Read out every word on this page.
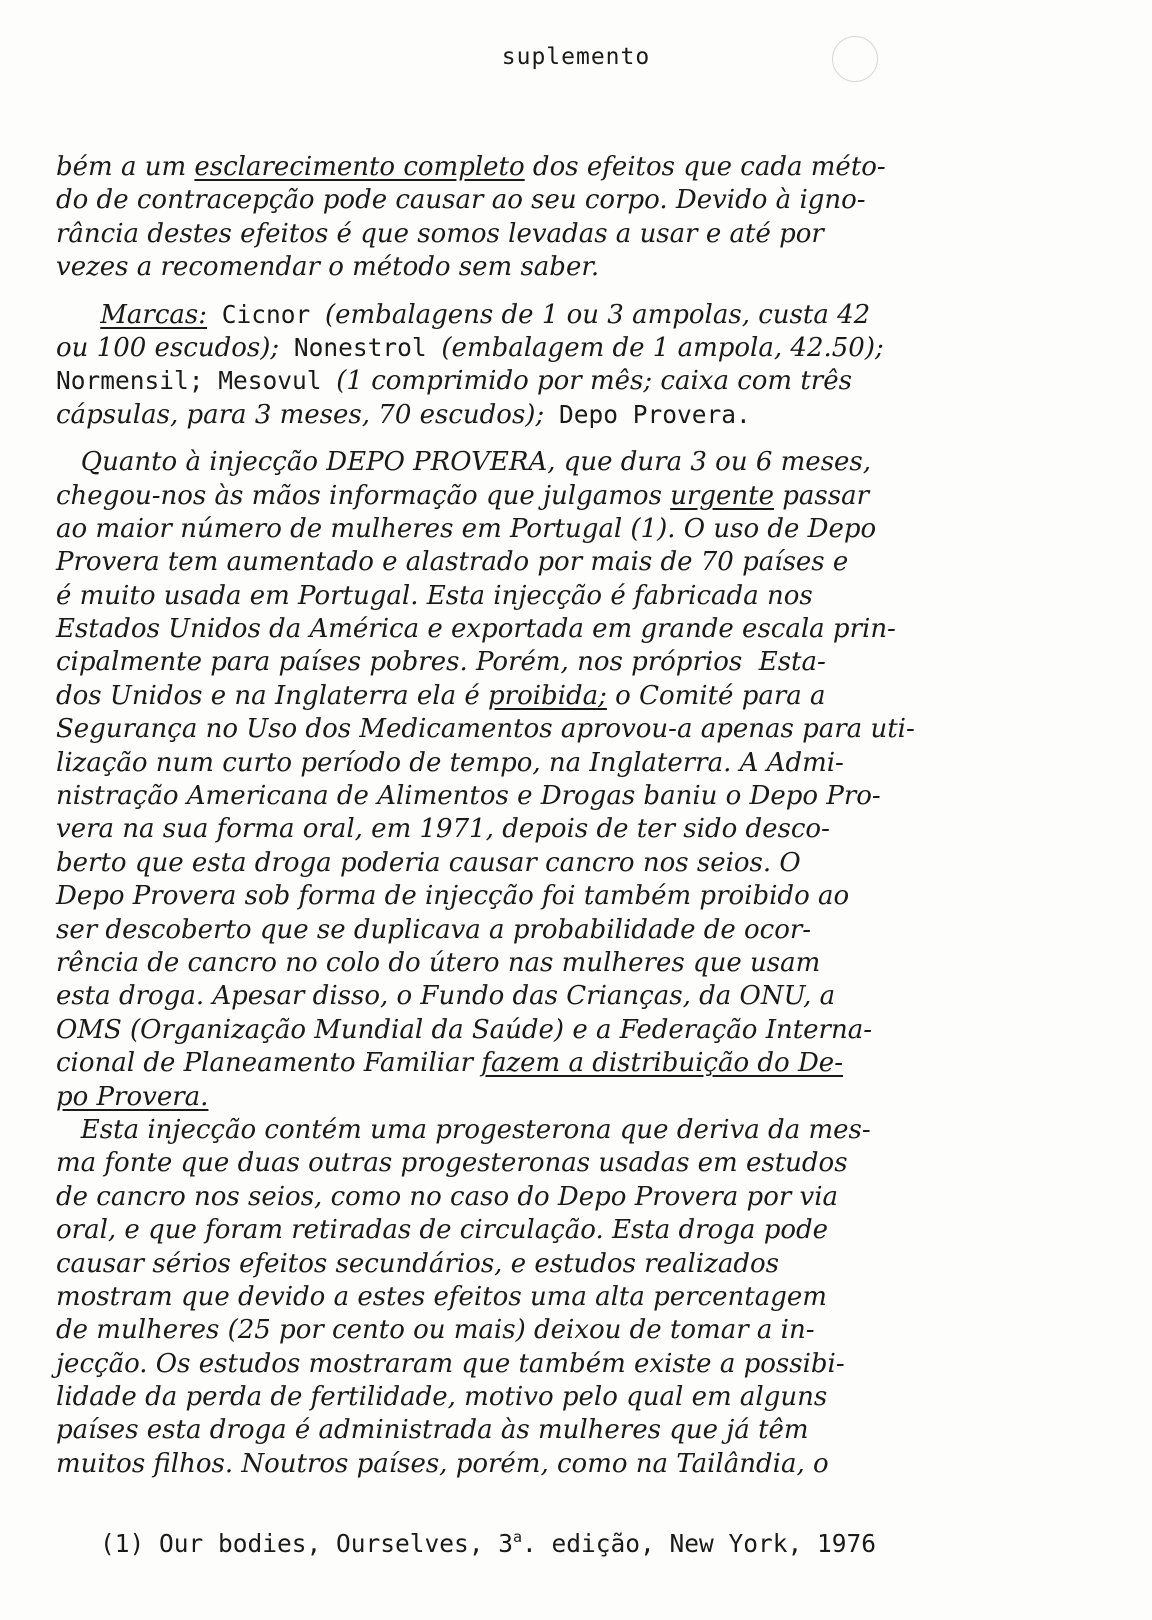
suplemento
bém a um esclarecimento completo dos efeitos que cada méto-
do de contracepção pode causar ao seu corpo. Devido à igno-
rância destes efeitos é que somos levadas a usar e até por
vezes a recomendar o método sem saber.
Marcas: Cicnor (embalagens de 1 ou 3 ampolas, custa 42
ou 100 escudos); Nonestrol (embalagem de 1 ampola, 42.50);
Normensil; Mesovul (1 comprimido por mês; caixa com três
cápsulas, para 3 meses, 70 escudos); Depo Provera.
Quanto à injecção DEPO PROVERA, que dura 3 ou 6 meses,
chegou-nos às mãos informação que julgamos urgente passar
ao maior número de mulheres em Portugal (1). O uso de Depo
Provera tem aumentado e alastrado por mais de 70 países e
é muito usada em Portugal. Esta injecção é fabricada nos
Estados Unidos da América e exportada em grande escala prin-
cipalmente para países pobres. Porém, nos próprios  Esta-
dos Unidos e na Inglaterra ela é proibida; o Comité para a
Segurança no Uso dos Medicamentos aprovou-a apenas para uti-
lização num curto período de tempo, na Inglaterra. A Admi-
nistração Americana de Alimentos e Drogas baniu o Depo Pro-
vera na sua forma oral, em 1971, depois de ter sido desco-
berto que esta droga poderia causar cancro nos seios. O
Depo Provera sob forma de injecção foi também proibido ao
ser descoberto que se duplicava a probabilidade de ocor-
rência de cancro no colo do útero nas mulheres que usam
esta droga. Apesar disso, o Fundo das Crianças, da ONU, a
OMS (Organização Mundial da Saúde) e a Federação Interna-
cional de Planeamento Familiar fazem a distribuição do De-
po Provera.
Esta injecção contém uma progesterona que deriva da mes-
ma fonte que duas outras progesteronas usadas em estudos
de cancro nos seios, como no caso do Depo Provera por via
oral, e que foram retiradas de circulação. Esta droga pode
causar sérios efeitos secundários, e estudos realizados
mostram que devido a estes efeitos uma alta percentagem
de mulheres (25 por cento ou mais) deixou de tomar a in-
jecção. Os estudos mostraram que também existe a possibi-
lidade da perda de fertilidade, motivo pelo qual em alguns
países esta droga é administrada às mulheres que já têm
muitos filhos. Noutros países, porém, como na Tailândia, o
(1) Our bodies, Ourselves, 3$^a$. edição, New York, 1976
